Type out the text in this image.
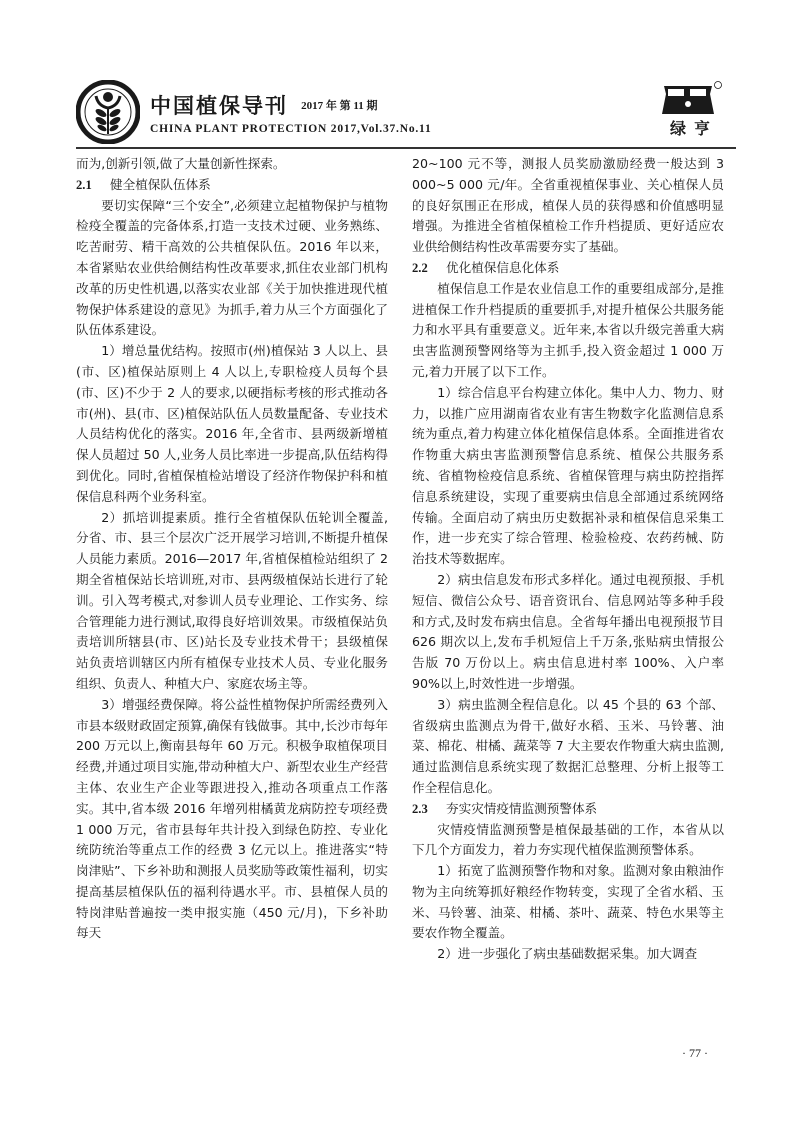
中国植保导刊 2017 年 第 11 期
CHINA PLANT PROTECTION 2017,Vol.37.No.11	绿亨

而为,创新引领,做了大量创新性探索。

2.1 健全植保队伍体系

要切实保障“三个安全”,必须建立起植物保护与植物检疫全覆盖的完备体系,打造一支技术过硬、业务熟练、吃苦耐劳、精干高效的公共植保队伍。2016 年以来，本省紧贴农业供给侧结构性改革要求,抓住农业部门机构改革的历史性机遇,以落实农业部《关于加快推进现代植物保护体系建设的意见》为抓手,着力从三个方面强化了队伍体系建设。

1）增总量优结构。按照市(州)植保站 3 人以上、县(市、区)植保站原则上 4 人以上,专职检疫人员每个县(市、区)不少于 2 人的要求,以硬指标考核的形式推动各市(州)、县(市、区)植保站队伍人员数量配备、专业技术人员结构优化的落实。2016 年,全省市、县两级新增植保人员超过 50 人,业务人员比率进一步提高,队伍结构得到优化。同时,省植保植检站增设了经济作物保护科和植保信息科两个业务科室。

2）抓培训提素质。推行全省植保队伍轮训全覆盖,分省、市、县三个层次广泛开展学习培训,不断提升植保人员能力素质。2016—2017 年,省植保植检站组织了 2 期全省植保站长培训班,对市、县两级植保站长进行了轮训。引入驾考模式,对参训人员专业理论、工作实务、综合管理能力进行测试,取得良好培训效果。市级植保站负责培训所辖县(市、区)站长及专业技术骨干；县级植保站负责培训辖区内所有植保专业技术人员、专业化服务组织、负责人、种植大户、家庭农场主等。

3）增强经费保障。将公益性植物保护所需经费列入市县本级财政固定预算,确保有钱做事。其中,长沙市每年 200 万元以上,衡南县每年 60 万元。积极争取植保项目经费,并通过项目实施,带动种植大户、新型农业生产经营主体、农业生产企业等跟进投入,推动各项重点工作落实。其中,省本级 2016 年增列柑橘黄龙病防控专项经费 1 000 万元，省市县每年共计投入到绿色防控、专业化统防统治等重点工作的经费 3 亿元以上。推进落实“特岗津贴”、下乡补助和测报人员奖励等政策性福利，切实提高基层植保队伍的福利待遇水平。市、县植保人员的特岗津贴普遍按一类申报实施（450 元/月)，下乡补助每天

20~100 元不等，测报人员奖励激励经费一般达到 3 000~5 000 元/年。全省重视植保事业、关心植保人员的良好氛围正在形成，植保人员的获得感和价值感明显增强。为推进全省植保植检工作升档提质、更好适应农业供给侧结构性改革需要夯实了基础。

2.2 优化植保信息化体系

植保信息工作是农业信息工作的重要组成部分,是推进植保工作升档提质的重要抓手,对提升植保公共服务能力和水平具有重要意义。近年来,本省以升级完善重大病虫害监测预警网络等为主抓手,投入资金超过 1 000 万元,着力开展了以下工作。

1）综合信息平台构建立体化。集中人力、物力、财力，以推广应用湖南省农业有害生物数字化监测信息系统为重点,着力构建立体化植保信息体系。全面推进省农作物重大病虫害监测预警信息系统、植保公共服务系统、省植物检疫信息系统、省植保管理与病虫防控指挥信息系统建设，实现了重要病虫信息全部通过系统网络传输。全面启动了病虫历史数据补录和植保信息采集工作，进一步充实了综合管理、检验检疫、农药药械、防治技术等数据库。

2）病虫信息发布形式多样化。通过电视预报、手机短信、微信公众号、语音资讯台、信息网站等多种手段和方式,及时发布病虫信息。全省每年播出电视预报节目 626 期次以上,发布手机短信上千万条,张贴病虫情报公告版 70 万份以上。病虫信息进村率 100%、入户率 90%以上,时效性进一步增强。

3）病虫监测全程信息化。以 45 个县的 63 个部、省级病虫监测点为骨干,做好水稻、玉米、马铃薯、油菜、棉花、柑橘、蔬菜等 7 大主要农作物重大病虫监测,通过监测信息系统实现了数据汇总整理、分析上报等工作全程信息化。

2.3 夯实灾情疫情监测预警体系

灾情疫情监测预警是植保最基础的工作，本省从以下几个方面发力，着力夯实现代植保监测预警体系。

1）拓宽了监测预警作物和对象。监测对象由粮油作物为主向统筹抓好粮经作物转变，实现了全省水稻、玉米、马铃薯、油菜、柑橘、茶叶、蔬菜、特色水果等主要农作物全覆盖。

2）进一步强化了病虫基础数据采集。加大调查

· 77 ·
